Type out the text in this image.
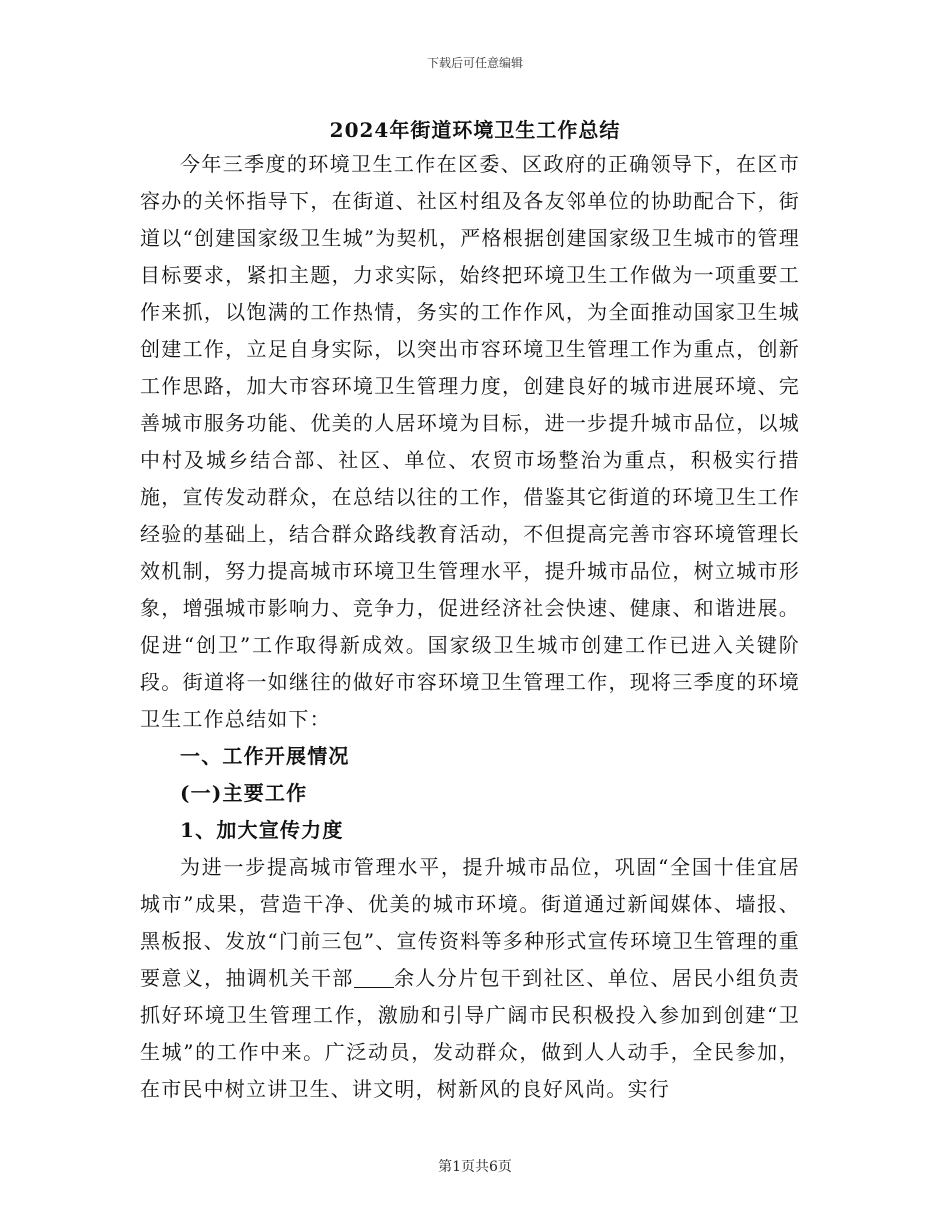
下载后可任意编辑
2024年街道环境卫生工作总结

今年三季度的环境卫生工作在区委、区政府的正确领导下，在区市容办的关怀指导下，在街道、社区村组及各友邻单位的协助配合下，街道以“创建国家级卫生城”为契机，严格根据创建国家级卫生城市的管理目标要求，紧扣主题，力求实际，始终把环境卫生工作做为一项重要工作来抓，以饱满的工作热情，务实的工作作风，为全面推动国家卫生城创建工作，立足自身实际，以突出市容环境卫生管理工作为重点，创新工作思路，加大市容环境卫生管理力度，创建良好的城市进展环境、完善城市服务功能、优美的人居环境为目标，进一步提升城市品位，以城中村及城乡结合部、社区、单位、农贸市场整治为重点，积极实行措施，宣传发动群众，在总结以往的工作，借鉴其它街道的环境卫生工作经验的基础上，结合群众路线教育活动，不但提高完善市容环境管理长效机制，努力提高城市环境卫生管理水平，提升城市品位，树立城市形象，增强城市影响力、竞争力，促进经济社会快速、健康、和谐进展。促进“创卫”工作取得新成效。国家级卫生城市创建工作已进入关键阶段。街道将一如继往的做好市容环境卫生管理工作，现将三季度的环境卫生工作总结如下：

一、工作开展情况
(一)主要工作
1、加大宣传力度

为进一步提高城市管理水平，提升城市品位，巩固“全国十佳宜居城市”成果，营造干净、优美的城市环境。街道通过新闻媒体、墙报、黑板报、发放“门前三包”、宣传资料等多种形式宣传环境卫生管理的重要意义，抽调机关干部 余人分片包干到社区、单位、居民小组负责抓好环境卫生管理工作，激励和引导广阔市民积极投入参加到创建“卫生城”的工作中来。广泛动员，发动群众，做到人人动手，全民参加，在市民中树立讲卫生、讲文明，树新风的良好风尚。实行

第1页共6页
